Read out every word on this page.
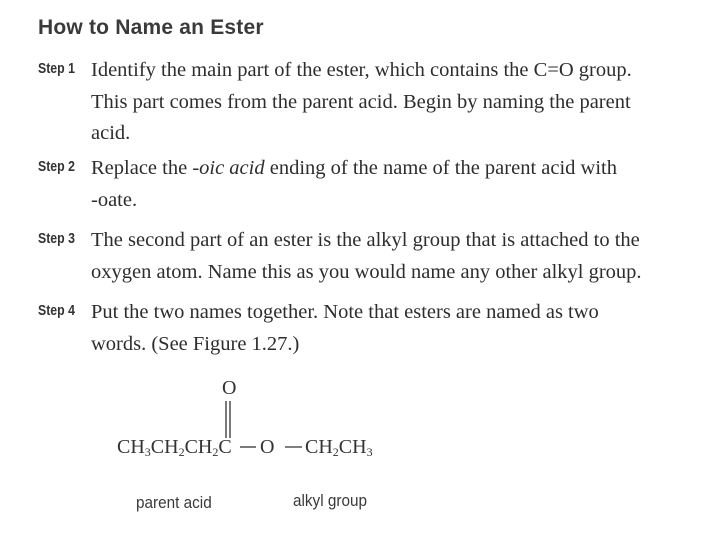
How to Name an Ester
Step 1 Identify the main part of the ester, which contains the C=O group.
This part comes from the parent acid. Begin by naming the parent
acid.
Step 2 Replace the -oic acid ending of the name of the parent acid with
-oate.
Step 3 The second part of an ester is the alkyl group that is attached to the
oxygen atom. Name this as you would name any other alkyl group.
Step 4 Put the two names together. Note that esters are named as two
words. (See Figure 1.27.)
O
$CH_3CH_2CH_2C$ O $CH_2CH_3$
parent acid	alkyl group
